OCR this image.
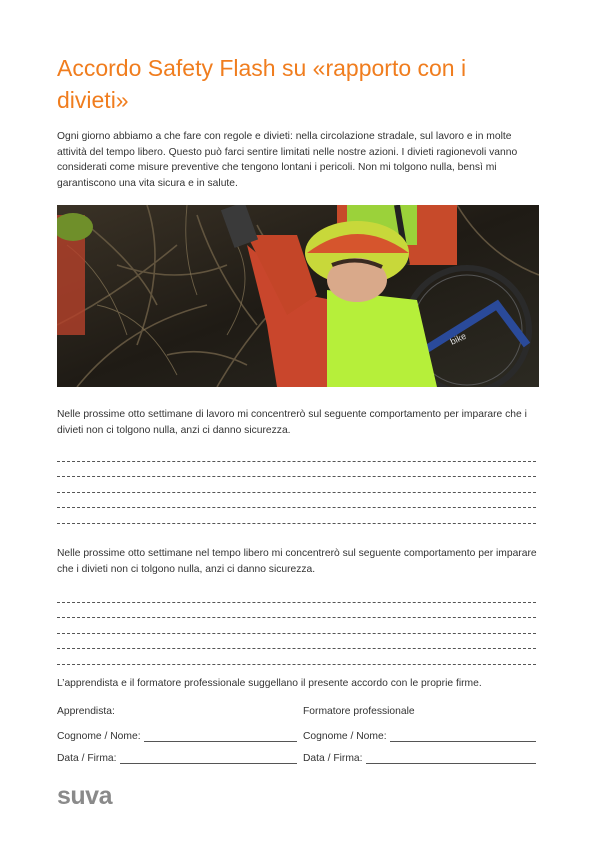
Accordo Safety Flash su «rapporto con i divieti»

Ogni giorno abbiamo a che fare con regole e divieti: nella circolazione stradale, sul lavoro e in molte attività del tempo libero. Questo può farci sentire limitati nelle nostre azioni. I divieti ragionevoli vanno considerati come misure preventive che tengono lontani i pericoli. Non mi tolgono nulla, bensì mi garantiscono una vita sicura e in salute.

bike

Nelle prossime otto settimane di lavoro mi concentrerò sul seguente comportamento per imparare che i divieti non ci tolgono nulla, anzi ci danno sicurezza.

Nelle prossime otto settimane nel tempo libero mi concentrerò sul seguente comportamento per imparare che i divieti non ci tolgono nulla, anzi ci danno sicurezza.

L’apprendista e il formatore professionale suggellano il presente accordo con le proprie firme.

Apprendista:
Cognome / Nome:
Data / Firma:
Formatore professionale
Cognome / Nome:
Data / Firma:
suva
